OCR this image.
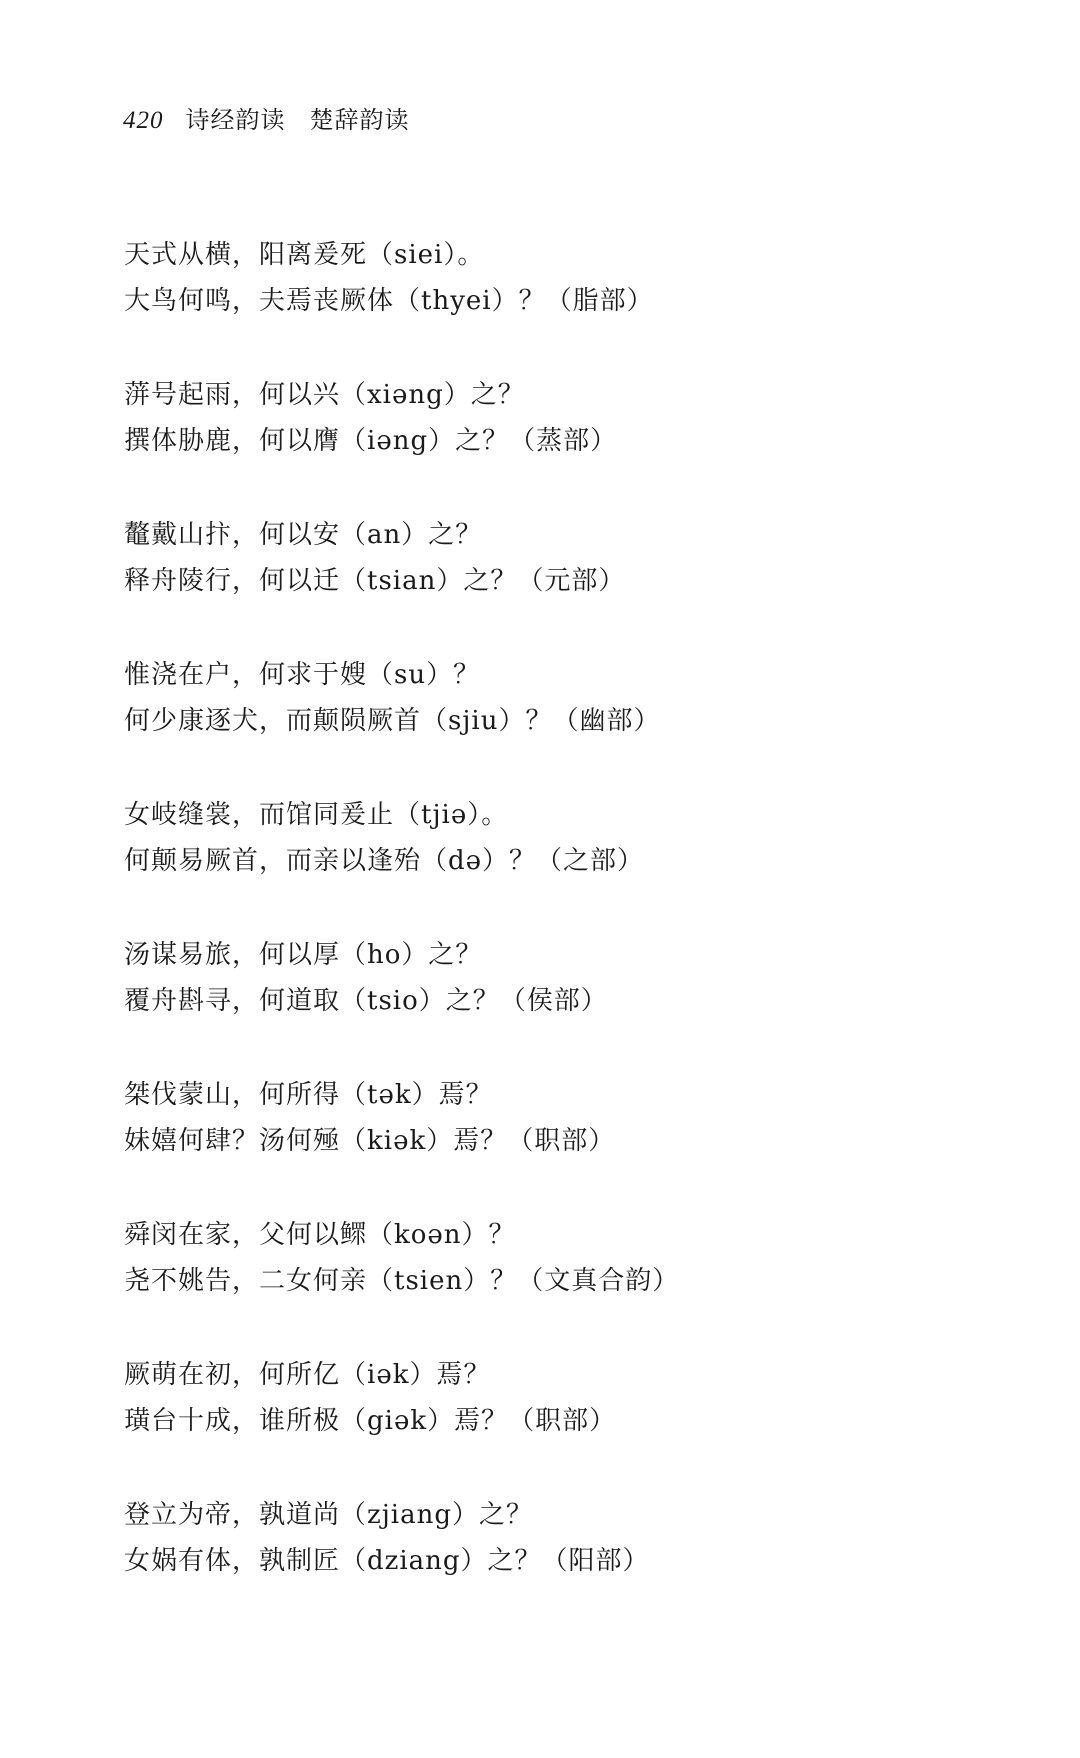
420 诗经韵读 楚辞韵读
天式从横，阳离爰死（siei）。
大鸟何鸣，夫焉丧厥体（thyei）？（脂部）
蓱号起雨，何以兴（xiəng）之？
撰体胁鹿，何以膺（iəng）之？（蒸部）
鼇戴山抃，何以安（an）之？
释舟陵行，何以迁（tsian）之？（元部）
惟浇在户，何求于嫂（su）？
何少康逐犬，而颠陨厥首（sjiu）？（幽部）
女岐缝裳，而馆同爰止（tjiə）。
何颠易厥首，而亲以逢殆（də）？（之部）
汤谋易旅，何以厚（ho）之？
覆舟斟寻，何道取（tsio）之？（侯部）
桀伐蒙山，何所得（tək）焉？
妹嬉何肆？汤何殛（kiək）焉？（职部）
舜闵在家，父何以鳏（koən）？
尧不姚告，二女何亲（tsien）？（文真合韵）
厥萌在初，何所亿（iək）焉？
璜台十成，谁所极（giək）焉？（职部）
登立为帝，孰道尚（zjiang）之？
女娲有体，孰制匠（dziang）之？（阳部）
